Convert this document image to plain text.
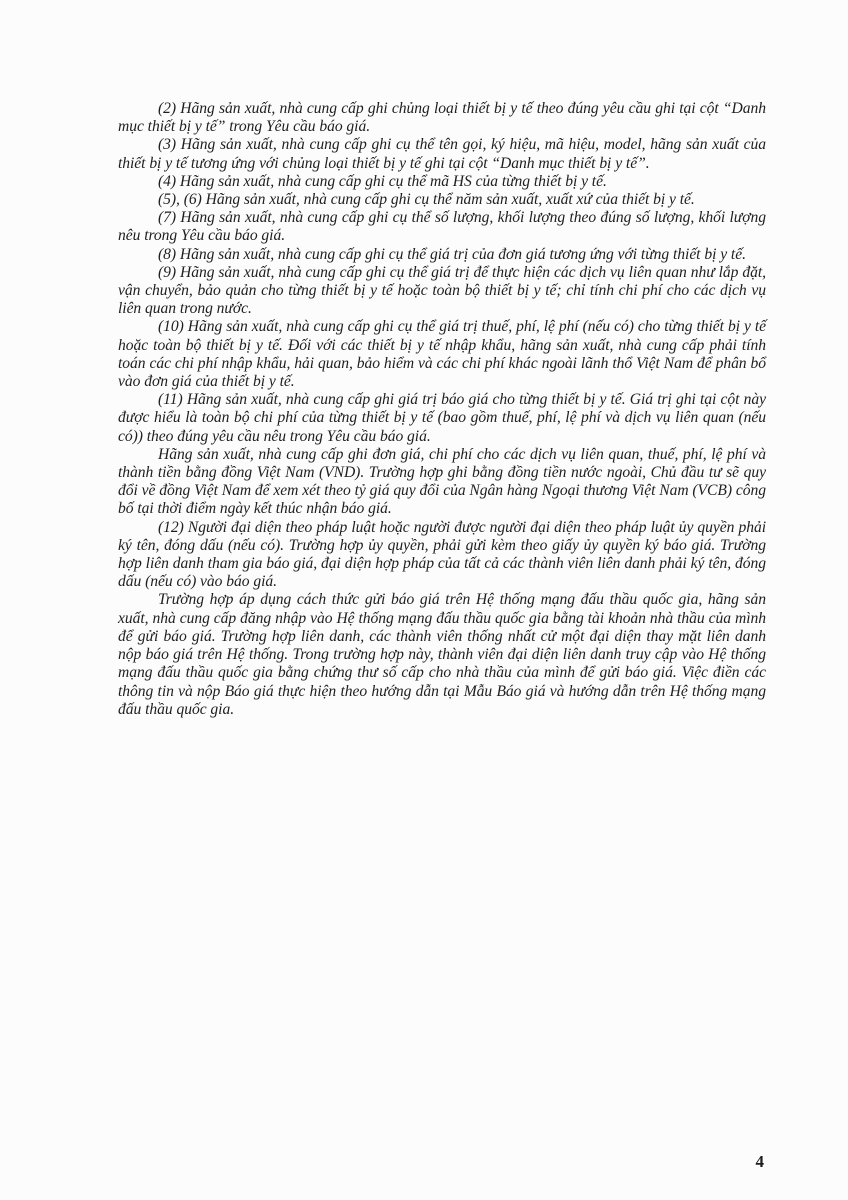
(2) Hãng sản xuất, nhà cung cấp ghi chủng loại thiết bị y tế theo đúng yêu cầu ghi tại cột “Danh mục thiết bị y tế” trong Yêu cầu báo giá.

(3) Hãng sản xuất, nhà cung cấp ghi cụ thể tên gọi, ký hiệu, mã hiệu, model, hãng sản xuất của thiết bị y tế tương ứng với chủng loại thiết bị y tế ghi tại cột “Danh mục thiết bị y tế”.

(4) Hãng sản xuất, nhà cung cấp ghi cụ thể mã HS của từng thiết bị y tế.

(5), (6) Hãng sản xuất, nhà cung cấp ghi cụ thể năm sản xuất, xuất xứ của thiết bị y tế.

(7) Hãng sản xuất, nhà cung cấp ghi cụ thể số lượng, khối lượng theo đúng số lượng, khối lượng nêu trong Yêu cầu báo giá.

(8) Hãng sản xuất, nhà cung cấp ghi cụ thể giá trị của đơn giá tương ứng với từng thiết bị y tế.

(9) Hãng sản xuất, nhà cung cấp ghi cụ thể giá trị để thực hiện các dịch vụ liên quan như lắp đặt, vận chuyển, bảo quản cho từng thiết bị y tế hoặc toàn bộ thiết bị y tế; chỉ tính chi phí cho các dịch vụ liên quan trong nước.

(10) Hãng sản xuất, nhà cung cấp ghi cụ thể giá trị thuế, phí, lệ phí (nếu có) cho từng thiết bị y tế hoặc toàn bộ thiết bị y tế. Đối với các thiết bị y tế nhập khẩu, hãng sản xuất, nhà cung cấp phải tính toán các chi phí nhập khẩu, hải quan, bảo hiểm và các chi phí khác ngoài lãnh thổ Việt Nam để phân bổ vào đơn giá của thiết bị y tế.

(11) Hãng sản xuất, nhà cung cấp ghi giá trị báo giá cho từng thiết bị y tế. Giá trị ghi tại cột này được hiểu là toàn bộ chi phí của từng thiết bị y tế (bao gồm thuế, phí, lệ phí và dịch vụ liên quan (nếu có)) theo đúng yêu cầu nêu trong Yêu cầu báo giá.

Hãng sản xuất, nhà cung cấp ghi đơn giá, chi phí cho các dịch vụ liên quan, thuế, phí, lệ phí và thành tiền bằng đồng Việt Nam (VND). Trường hợp ghi bằng đồng tiền nước ngoài, Chủ đầu tư sẽ quy đổi về đồng Việt Nam để xem xét theo tỷ giá quy đổi của Ngân hàng Ngoại thương Việt Nam (VCB) công bố tại thời điểm ngày kết thúc nhận báo giá.

(12) Người đại diện theo pháp luật hoặc người được người đại diện theo pháp luật ủy quyền phải ký tên, đóng dấu (nếu có). Trường hợp ủy quyền, phải gửi kèm theo giấy ủy quyền ký báo giá. Trường hợp liên danh tham gia báo giá, đại diện hợp pháp của tất cả các thành viên liên danh phải ký tên, đóng dấu (nếu có) vào báo giá.

Trường hợp áp dụng cách thức gửi báo giá trên Hệ thống mạng đấu thầu quốc gia, hãng sản xuất, nhà cung cấp đăng nhập vào Hệ thống mạng đấu thầu quốc gia bằng tài khoản nhà thầu của mình để gửi báo giá. Trường hợp liên danh, các thành viên thống nhất cử một đại diện thay mặt liên danh nộp báo giá trên Hệ thống. Trong trường hợp này, thành viên đại diện liên danh truy cập vào Hệ thống mạng đấu thầu quốc gia bằng chứng thư số cấp cho nhà thầu của mình để gửi báo giá. Việc điền các thông tin và nộp Báo giá thực hiện theo hướng dẫn tại Mẫu Báo giá và hướng dẫn trên Hệ thống mạng đấu thầu quốc gia.

4
